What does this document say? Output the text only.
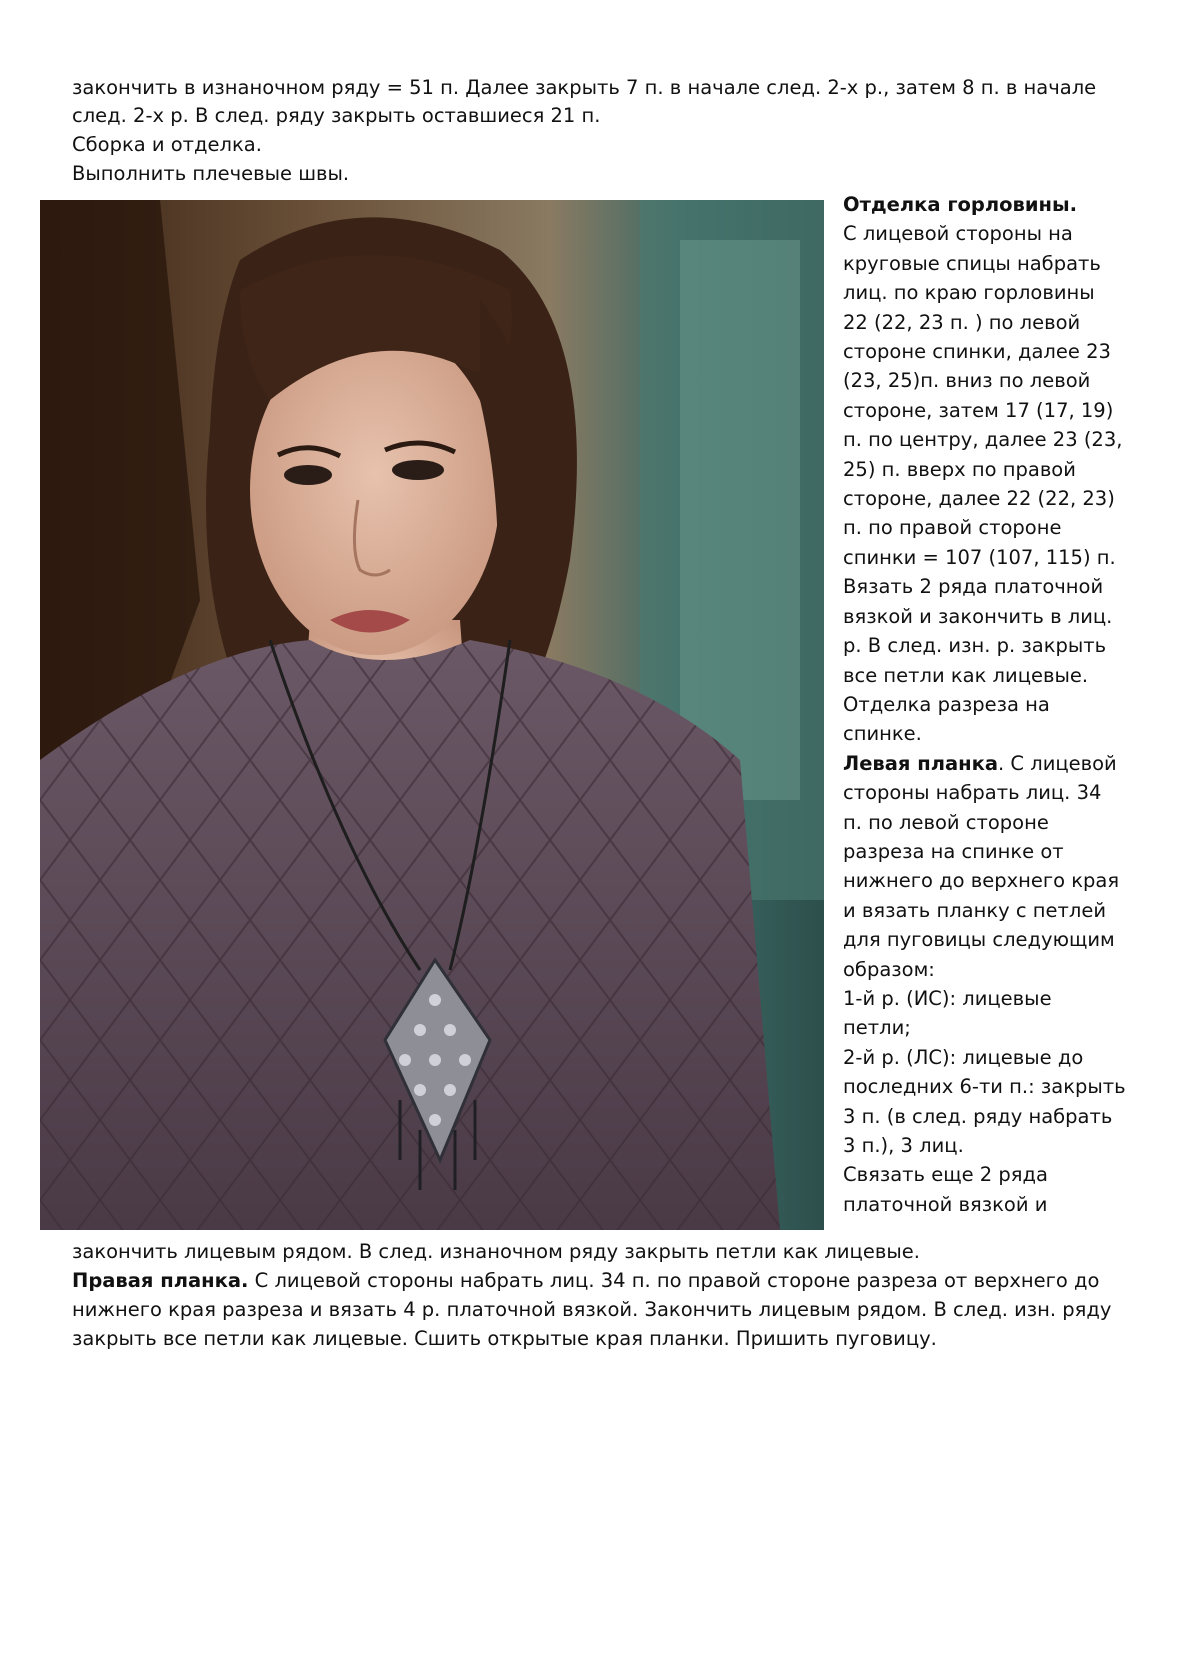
закончить в изнаночном ряду = 51 п. Далее закрыть 7 п. в начале след. 2-х р., затем 8 п. в начале
след. 2-х р. В след. ряду закрыть оставшиеся 21 п.
Сборка и отделка.
Выполнить плечевые швы.
Отделка горловины.
С лицевой стороны на
круговые спицы набрать
лиц. по краю горловины
22 (22, 23 п. ) по левой
стороне спинки, далее 23
(23, 25)п. вниз по левой
стороне, затем 17 (17, 19)
п. по центру, далее 23 (23,
25) п. вверх по правой
стороне, далее 22 (22, 23)
п. по правой стороне
спинки = 107 (107, 115) п.
Вязать 2 ряда платочной
вязкой и закончить в лиц.
р. В след. изн. р. закрыть
все петли как лицевые.
Отделка разреза на
спинке.
Левая планка. С лицевой
стороны набрать лиц. 34
п. по левой стороне
разреза на спинке от
нижнего до верхнего края
и вязать планку с петлей
для пуговицы следующим
образом:
1-й р. (ИС): лицевые
петли;
2-й р. (ЛС): лицевые до
последних 6-ти п.: закрыть
3 п. (в след. ряду набрать
3 п.), 3 лиц.
Связать еще 2 ряда
платочной вязкой и
закончить лицевым рядом. В след. изнаночном ряду закрыть петли как лицевые.
Правая планка. С лицевой стороны набрать лиц. 34 п. по правой стороне разреза от верхнего до
нижнего края разреза и вязать 4 р. платочной вязкой. Закончить лицевым рядом. В след. изн. ряду
закрыть все петли как лицевые. Сшить открытые края планки. Пришить пуговицу.
